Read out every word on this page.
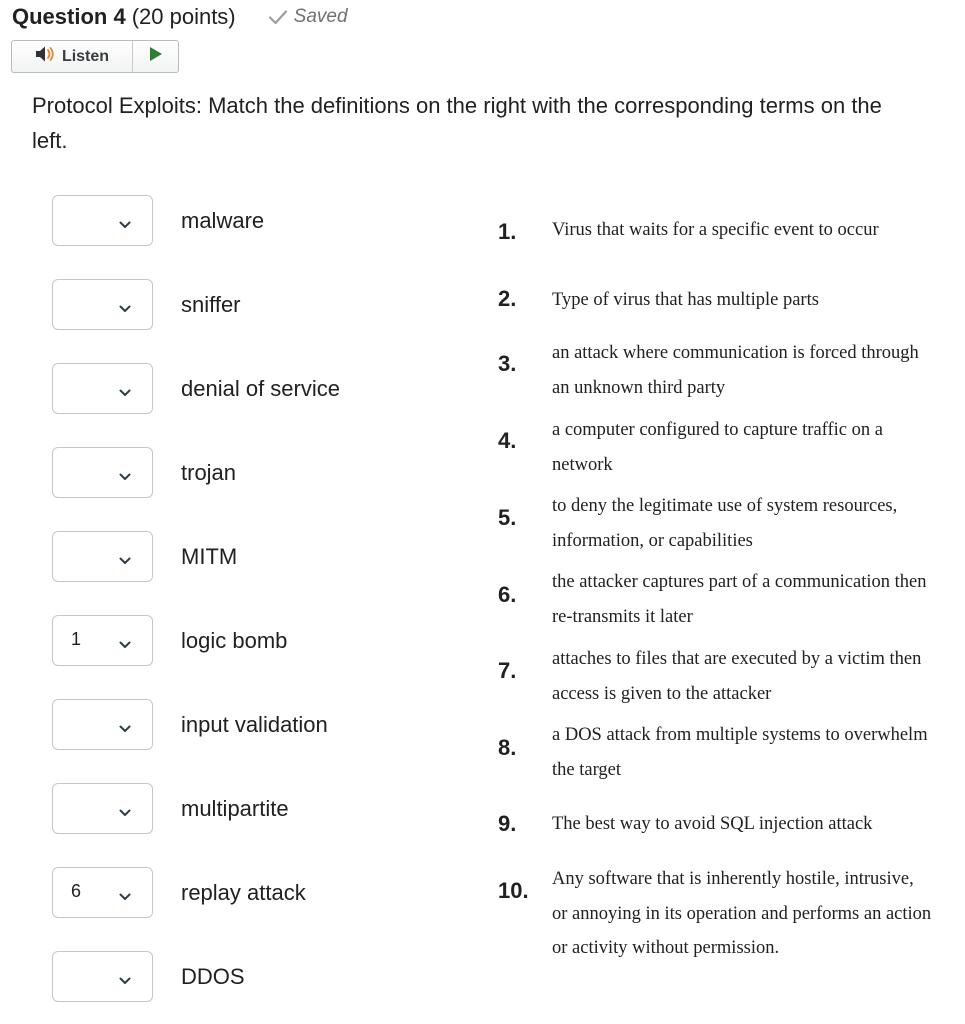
Question 4 (20 points)	Saved
Listen
Protocol Exploits: Match the definitions on the right with the corresponding terms on the left.
malware
sniffer
denial of service
trojan
MITM
1	logic bomb
input validation
multipartite
6	replay attack
DDOS
1. Virus that waits for a specific event to occur
2. Type of virus that has multiple parts
3. an attack where communication is forced through an unknown third party
4. a computer configured to capture traffic on a network
5. to deny the legitimate use of system resources, information, or capabilities
6. the attacker captures part of a communication then re-transmits it later
7. attaches to files that are executed by a victim then access is given to the attacker
8. a DOS attack from multiple systems to overwhelm the target
9. The best way to avoid SQL injection attack
10. Any software that is inherently hostile, intrusive, or annoying in its operation and performs an action or activity without permission.
